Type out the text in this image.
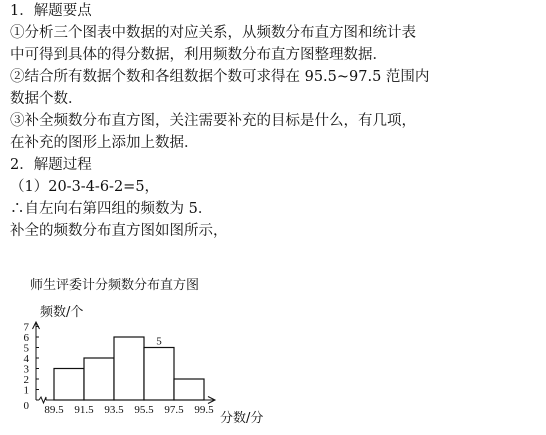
1．解题要点
①分析三个图表中数据的对应关系，从频数分布直方图和统计表
中可得到具体的得分数据，利用频数分布直方图整理数据．
②结合所有数据个数和各组数据个数可求得在 95.5~97.5 范围内
数据个数．
③补全频数分布直方图，关注需要补充的目标是什么，有几项，
在补充的图形上添加上数据．
2．解题过程
（1）20-3-4-6-2=5，
∴自左向右第四组的频数为 5．
补全的频数分布直方图如图所示，
师生评委计分频数分布直方图
频数/个
分数/分
0
1
2
3
4
5
6
7
5
89.5 91.5 93.5 95.5 97.5 99.5
